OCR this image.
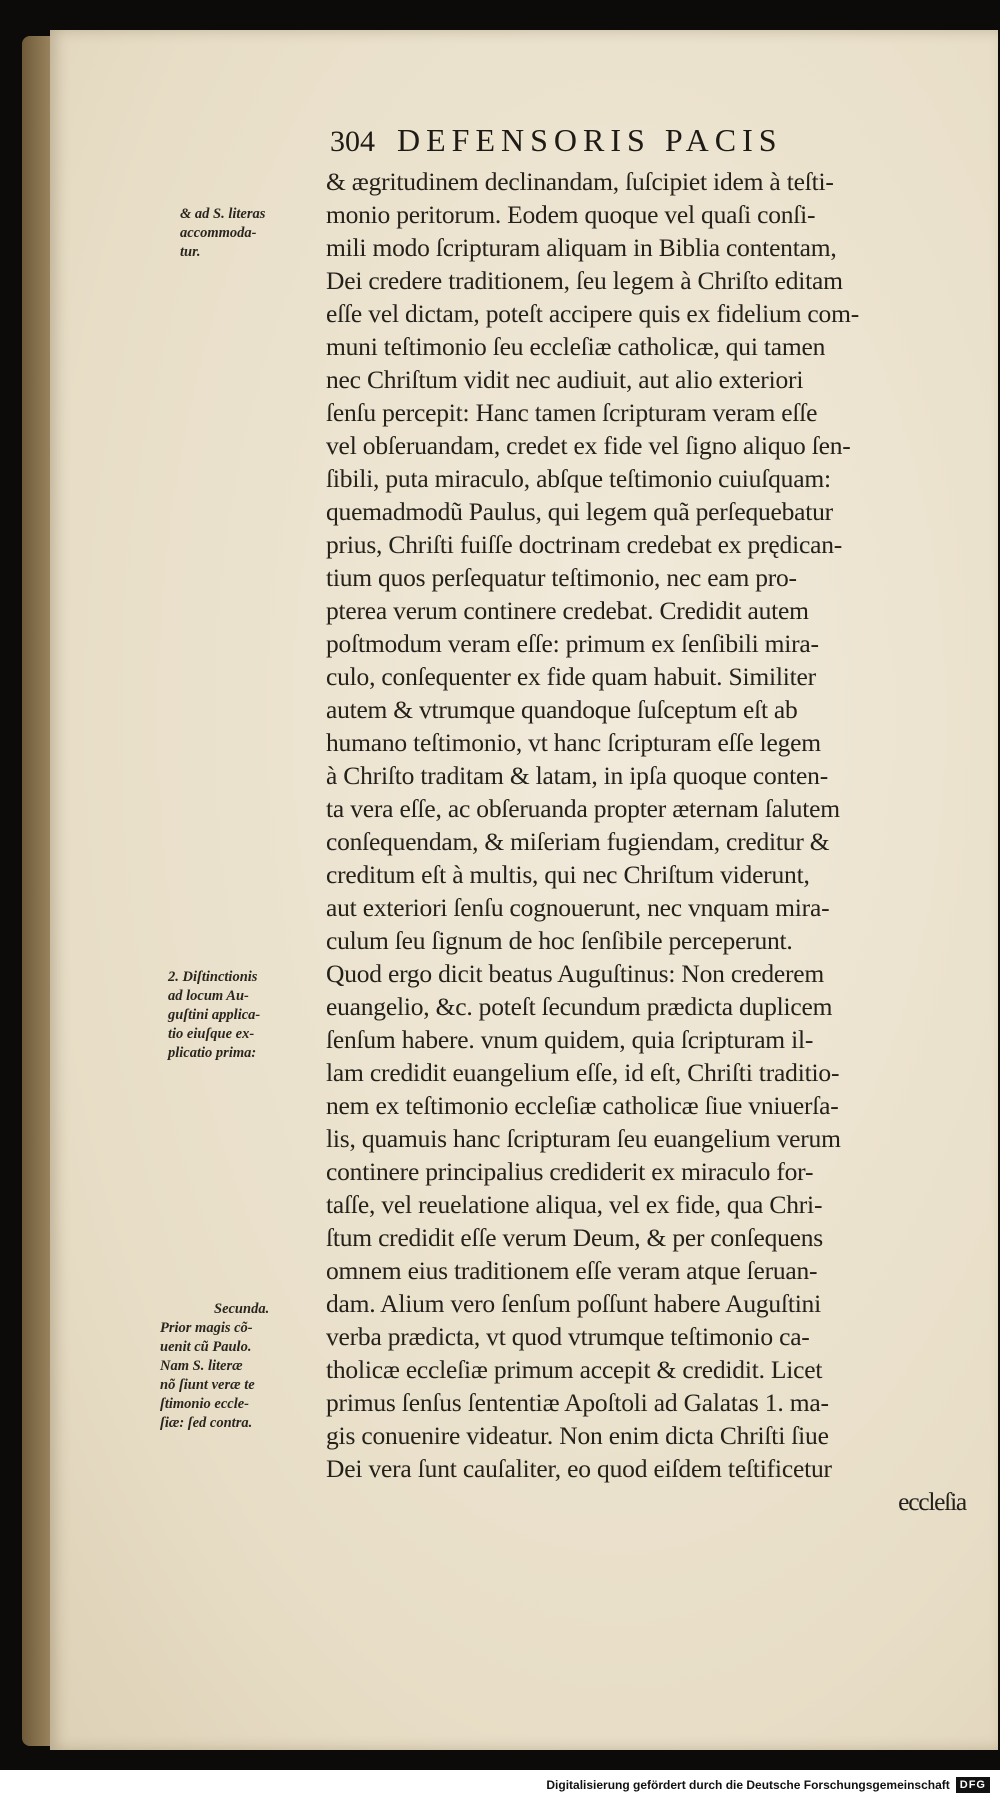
304 DEFENSORIS PACIS
& ægritudinem declinandam, ſuſcipiet idem à teſti-
monio peritorum. Eodem quoque vel quaſi conſi-
mili modo ſcripturam aliquam in Biblia contentam,
Dei credere traditionem, ſeu legem à Chriſto editam
eſſe vel dictam, poteſt accipere quis ex fidelium com-
muni teſtimonio ſeu eccleſiæ catholicæ, qui tamen
nec Chriſtum vidit nec audiuit, aut alio exteriori
ſenſu percepit: Hanc tamen ſcripturam veram eſſe
vel obſeruandam, credet ex fide vel ſigno aliquo ſen-
ſibili, puta miraculo, abſque teſtimonio cuiuſquam:
quemadmodũ Paulus, qui legem quã perſequebatur
prius, Chriſti fuiſſe doctrinam credebat ex prędican-
tium quos perſequatur teſtimonio, nec eam pro-
pterea verum continere credebat. Credidit autem
poſtmodum veram eſſe: primum ex ſenſibili mira-
culo, conſequenter ex fide quam habuit. Similiter
autem & vtrumque quandoque ſuſceptum eſt ab
humano teſtimonio, vt hanc ſcripturam eſſe legem
à Chriſto traditam & latam, in ipſa quoque conten-
ta vera eſſe, ac obſeruanda propter æternam ſalutem
conſequendam, & miſeriam fugiendam, creditur &
creditum eſt à multis, qui nec Chriſtum viderunt,
aut exteriori ſenſu cognouerunt, nec vnquam mira-
culum ſeu ſignum de hoc ſenſibile perceperunt.
Quod ergo dicit beatus Auguſtinus: Non crederem
euangelio, &c. poteſt ſecundum prædicta duplicem
ſenſum habere. vnum quidem, quia ſcripturam il-
lam credidit euangelium eſſe, id eſt, Chriſti traditio-
nem ex teſtimonio eccleſiæ catholicæ ſiue vniuerſa-
lis, quamuis hanc ſcripturam ſeu euangelium verum
continere principalius crediderit ex miraculo for-
taſſe, vel reuelatione aliqua, vel ex fide, qua Chri-
ſtum credidit eſſe verum Deum, & per conſequens
omnem eius traditionem eſſe veram atque ſeruan-
dam. Alium vero ſenſum poſſunt habere Auguſtini
verba prædicta, vt quod vtrumque teſtimonio ca-
tholicæ eccleſiæ primum accepit & credidit. Licet
primus ſenſus ſententiæ Apoſtoli ad Galatas 1. ma-
gis conuenire videatur. Non enim dicta Chriſti ſiue
Dei vera ſunt cauſaliter, eo quod eiſdem teſtificetur
eccleſia
& ad S. literas
accommoda-
tur.
2. Diſtinctionis
ad locum Au-
guſtini applica-
tio eiuſque ex-
plicatio prima:
Secunda.
Prior magis cõ-
uenit cũ Paulo.
Nam S. literæ
nõ ſiunt veræ te
ſtimonio eccle-
ſiæ: ſed contra.
Digitalisierung gefördert durch die Deutsche Forschungsgemeinschaft DFG
